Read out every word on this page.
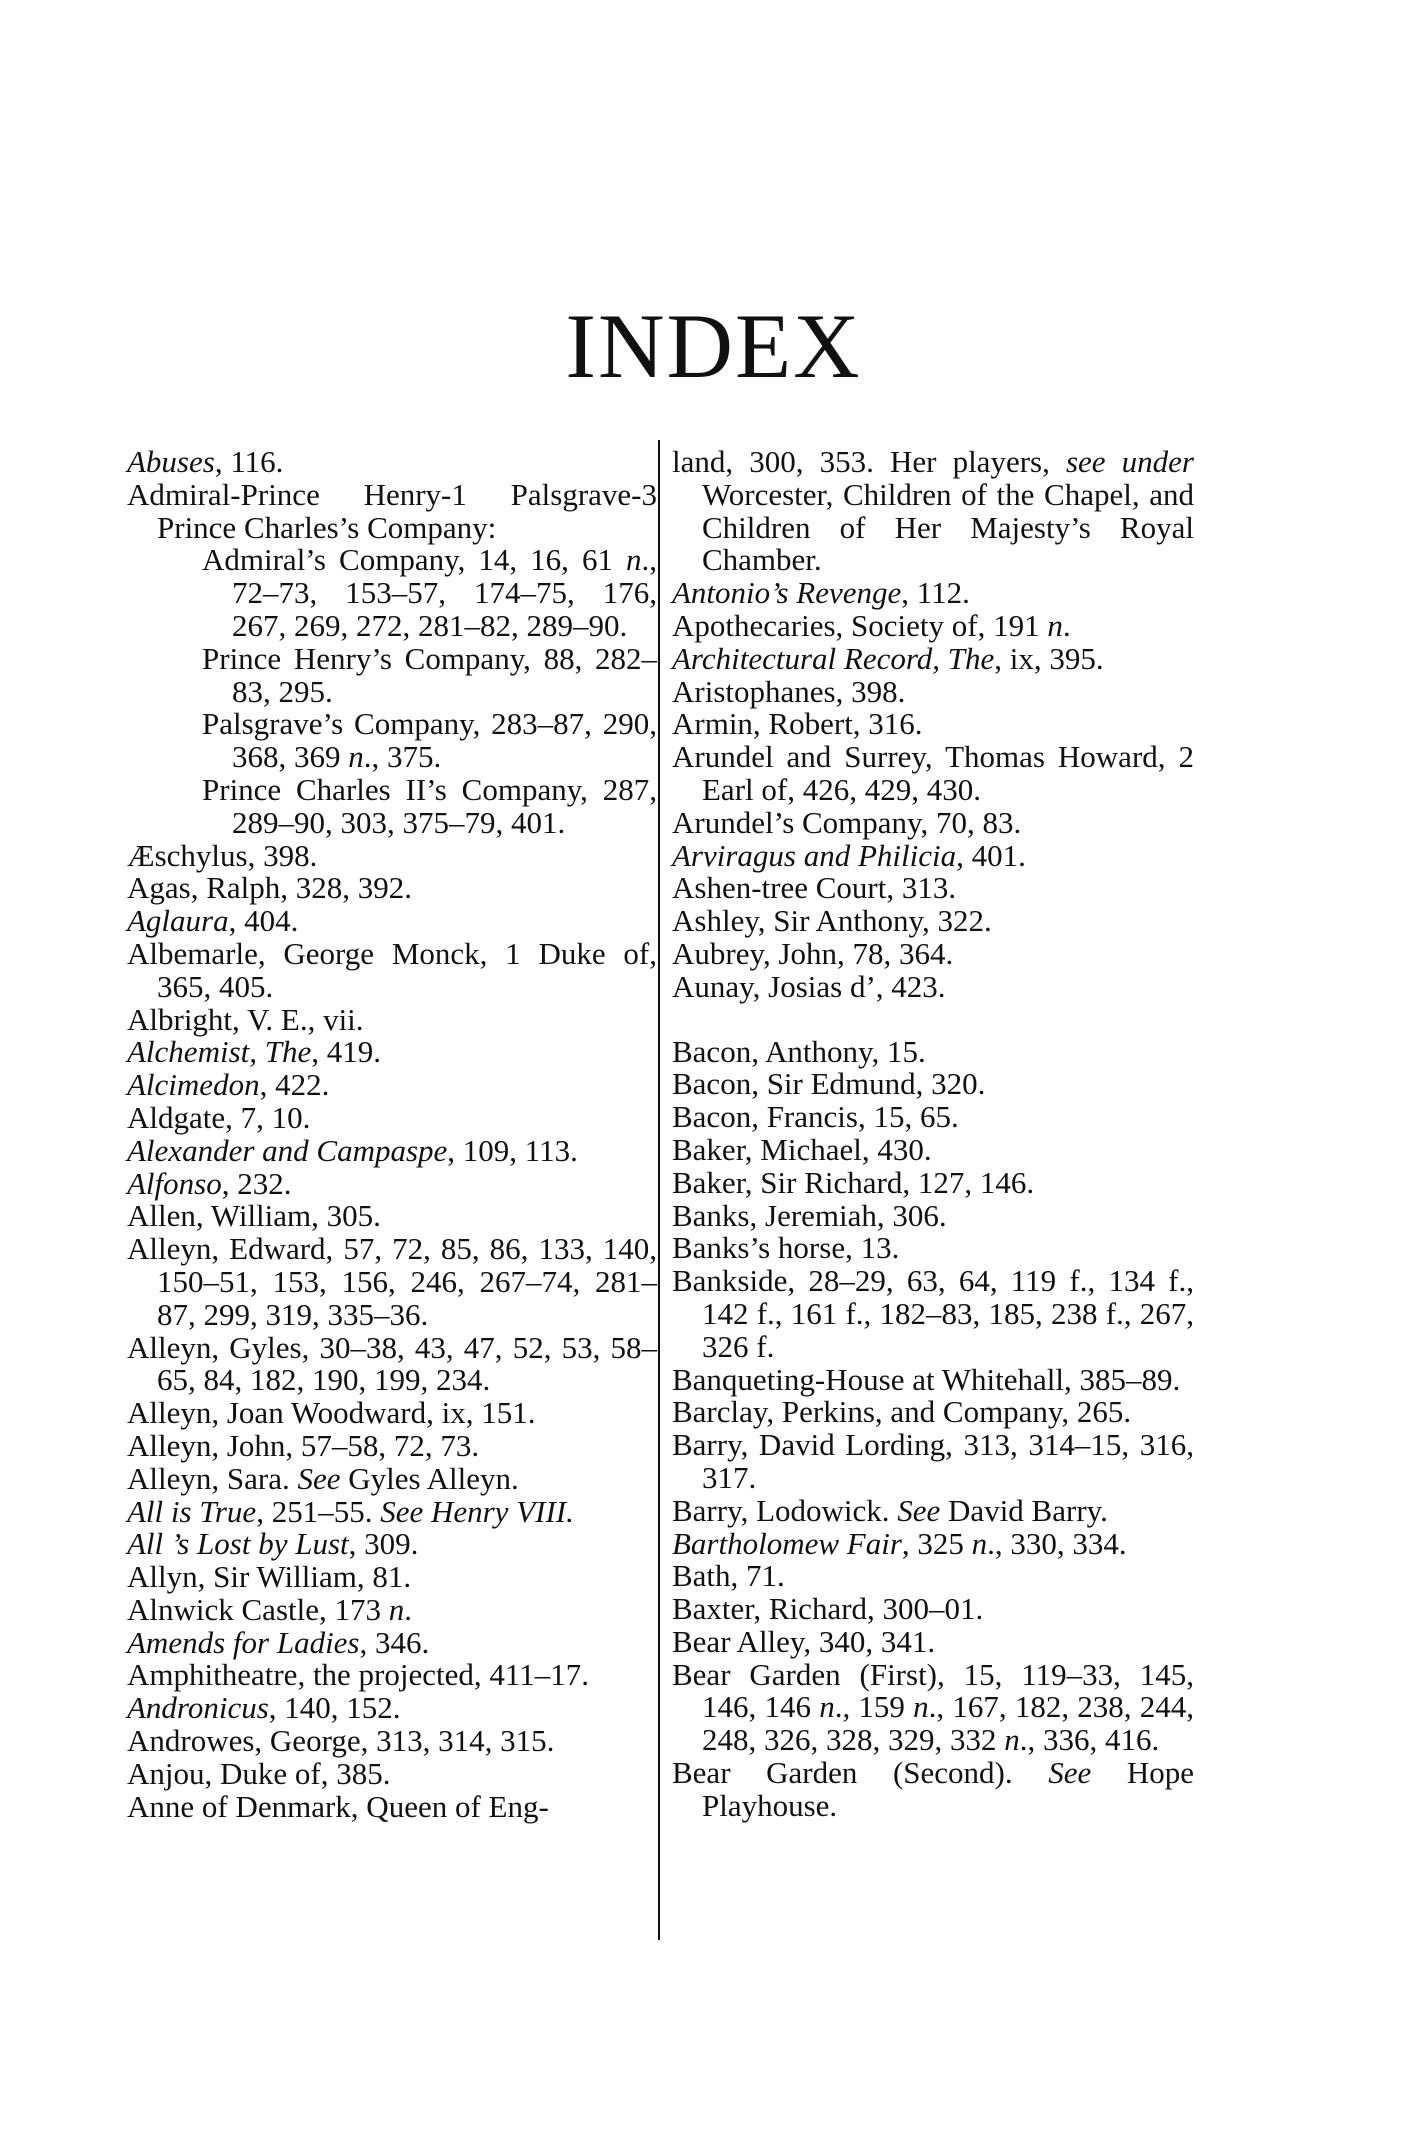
INDEX

Abuses, 116.

Admiral-Prince Henry-1 Palsgrave-3 Prince Charles’s Company:

Admiral’s Company, 14, 16, 61 n., 72–73, 153–57, 174–75, 176, 267, 269, 272, 281–82, 289–90.

Prince Henry’s Company, 88, 282–83, 295.

Palsgrave’s Company, 283–87, 290, 368, 369 n., 375.

Prince Charles II’s Company, 287, 289–90, 303, 375–79, 401.

Æschylus, 398.

Agas, Ralph, 328, 392.

Aglaura, 404.

Albemarle, George Monck, 1 Duke of, 365, 405.

Albright, V. E., vii.

Alchemist, The, 419.

Alcimedon, 422.

Aldgate, 7, 10.

Alexander and Campaspe, 109, 113.

Alfonso, 232.

Allen, William, 305.

Alleyn, Edward, 57, 72, 85, 86, 133, 140, 150–51, 153, 156, 246, 267–74, 281–87, 299, 319, 335–36.

Alleyn, Gyles, 30–38, 43, 47, 52, 53, 58–65, 84, 182, 190, 199, 234.

Alleyn, Joan Woodward, ix, 151.

Alleyn, John, 57–58, 72, 73.

Alleyn, Sara. See Gyles Alleyn.

All is True, 251–55. See Henry VIII.

All ’s Lost by Lust, 309.

Allyn, Sir William, 81.

Alnwick Castle, 173 n.

Amends for Ladies, 346.

Amphitheatre, the projected, 411–17.

Andronicus, 140, 152.

Androwes, George, 313, 314, 315.

Anjou, Duke of, 385.

Anne of Denmark, Queen of Eng-

land, 300, 353. Her players, see under Worcester, Children of the Chapel, and Children of Her Majesty’s Royal Chamber.

Antonio’s Revenge, 112.

Apothecaries, Society of, 191 n.

Architectural Record, The, ix, 395.

Aristophanes, 398.

Armin, Robert, 316.

Arundel and Surrey, Thomas Howard, 2 Earl of, 426, 429, 430.

Arundel’s Company, 70, 83.

Arviragus and Philicia, 401.

Ashen-tree Court, 313.

Ashley, Sir Anthony, 322.

Aubrey, John, 78, 364.

Aunay, Josias d’, 423.

Bacon, Anthony, 15.

Bacon, Sir Edmund, 320.

Bacon, Francis, 15, 65.

Baker, Michael, 430.

Baker, Sir Richard, 127, 146.

Banks, Jeremiah, 306.

Banks’s horse, 13.

Bankside, 28–29, 63, 64, 119 f., 134 f., 142 f., 161 f., 182–83, 185, 238 f., 267, 326 f.

Banqueting-House at Whitehall, 385–89.

Barclay, Perkins, and Company, 265.

Barry, David Lording, 313, 314–15, 316, 317.

Barry, Lodowick. See David Barry.

Bartholomew Fair, 325 n., 330, 334.

Bath, 71.

Baxter, Richard, 300–01.

Bear Alley, 340, 341.

Bear Garden (First), 15, 119–33, 145, 146, 146 n., 159 n., 167, 182, 238, 244, 248, 326, 328, 329, 332 n., 336, 416.

Bear Garden (Second). See Hope Playhouse.
